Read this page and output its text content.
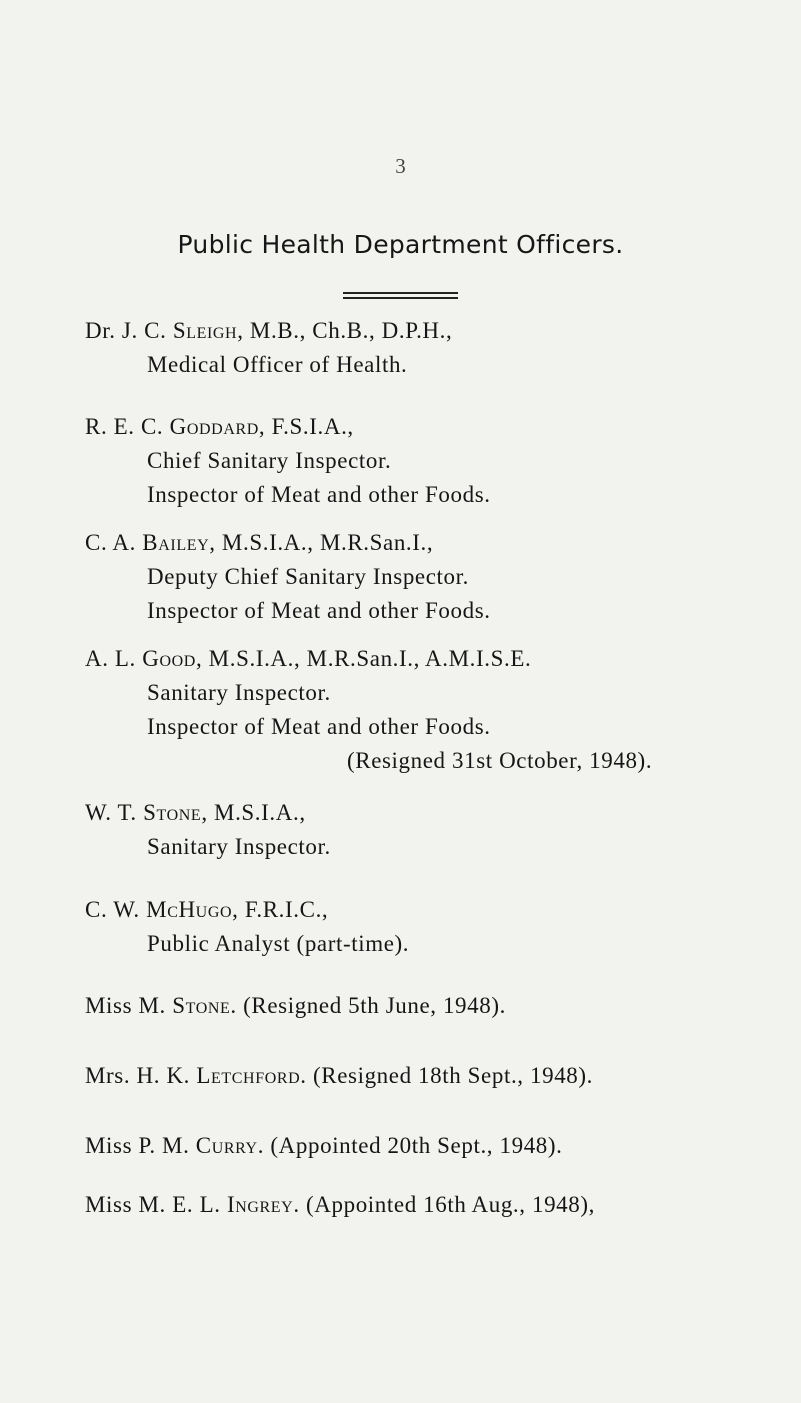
3
Public Health Department Officers.
Dr. J. C. Sleigh, M.B., Ch.B., D.P.H.,
Medical Officer of Health.
R. E. C. Goddard, F.S.I.A.,
Chief Sanitary Inspector.
Inspector of Meat and other Foods.
C. A. Bailey, M.S.I.A., M.R.San.I.,
Deputy Chief Sanitary Inspector.
Inspector of Meat and other Foods.
A. L. Good, M.S.I.A., M.R.San.I., A.M.I.S.E.
Sanitary Inspector.
Inspector of Meat and other Foods.
(Resigned 31st October, 1948).
W. T. Stone, M.S.I.A.,
Sanitary Inspector.
C. W. McHugo, F.R.I.C.,
Public Analyst (part-time).
Miss M. Stone. (Resigned 5th June, 1948).
Mrs. H. K. Letchford. (Resigned 18th Sept., 1948).
Miss P. M. Curry. (Appointed 20th Sept., 1948).
Miss M. E. L. Ingrey. (Appointed 16th Aug., 1948),
